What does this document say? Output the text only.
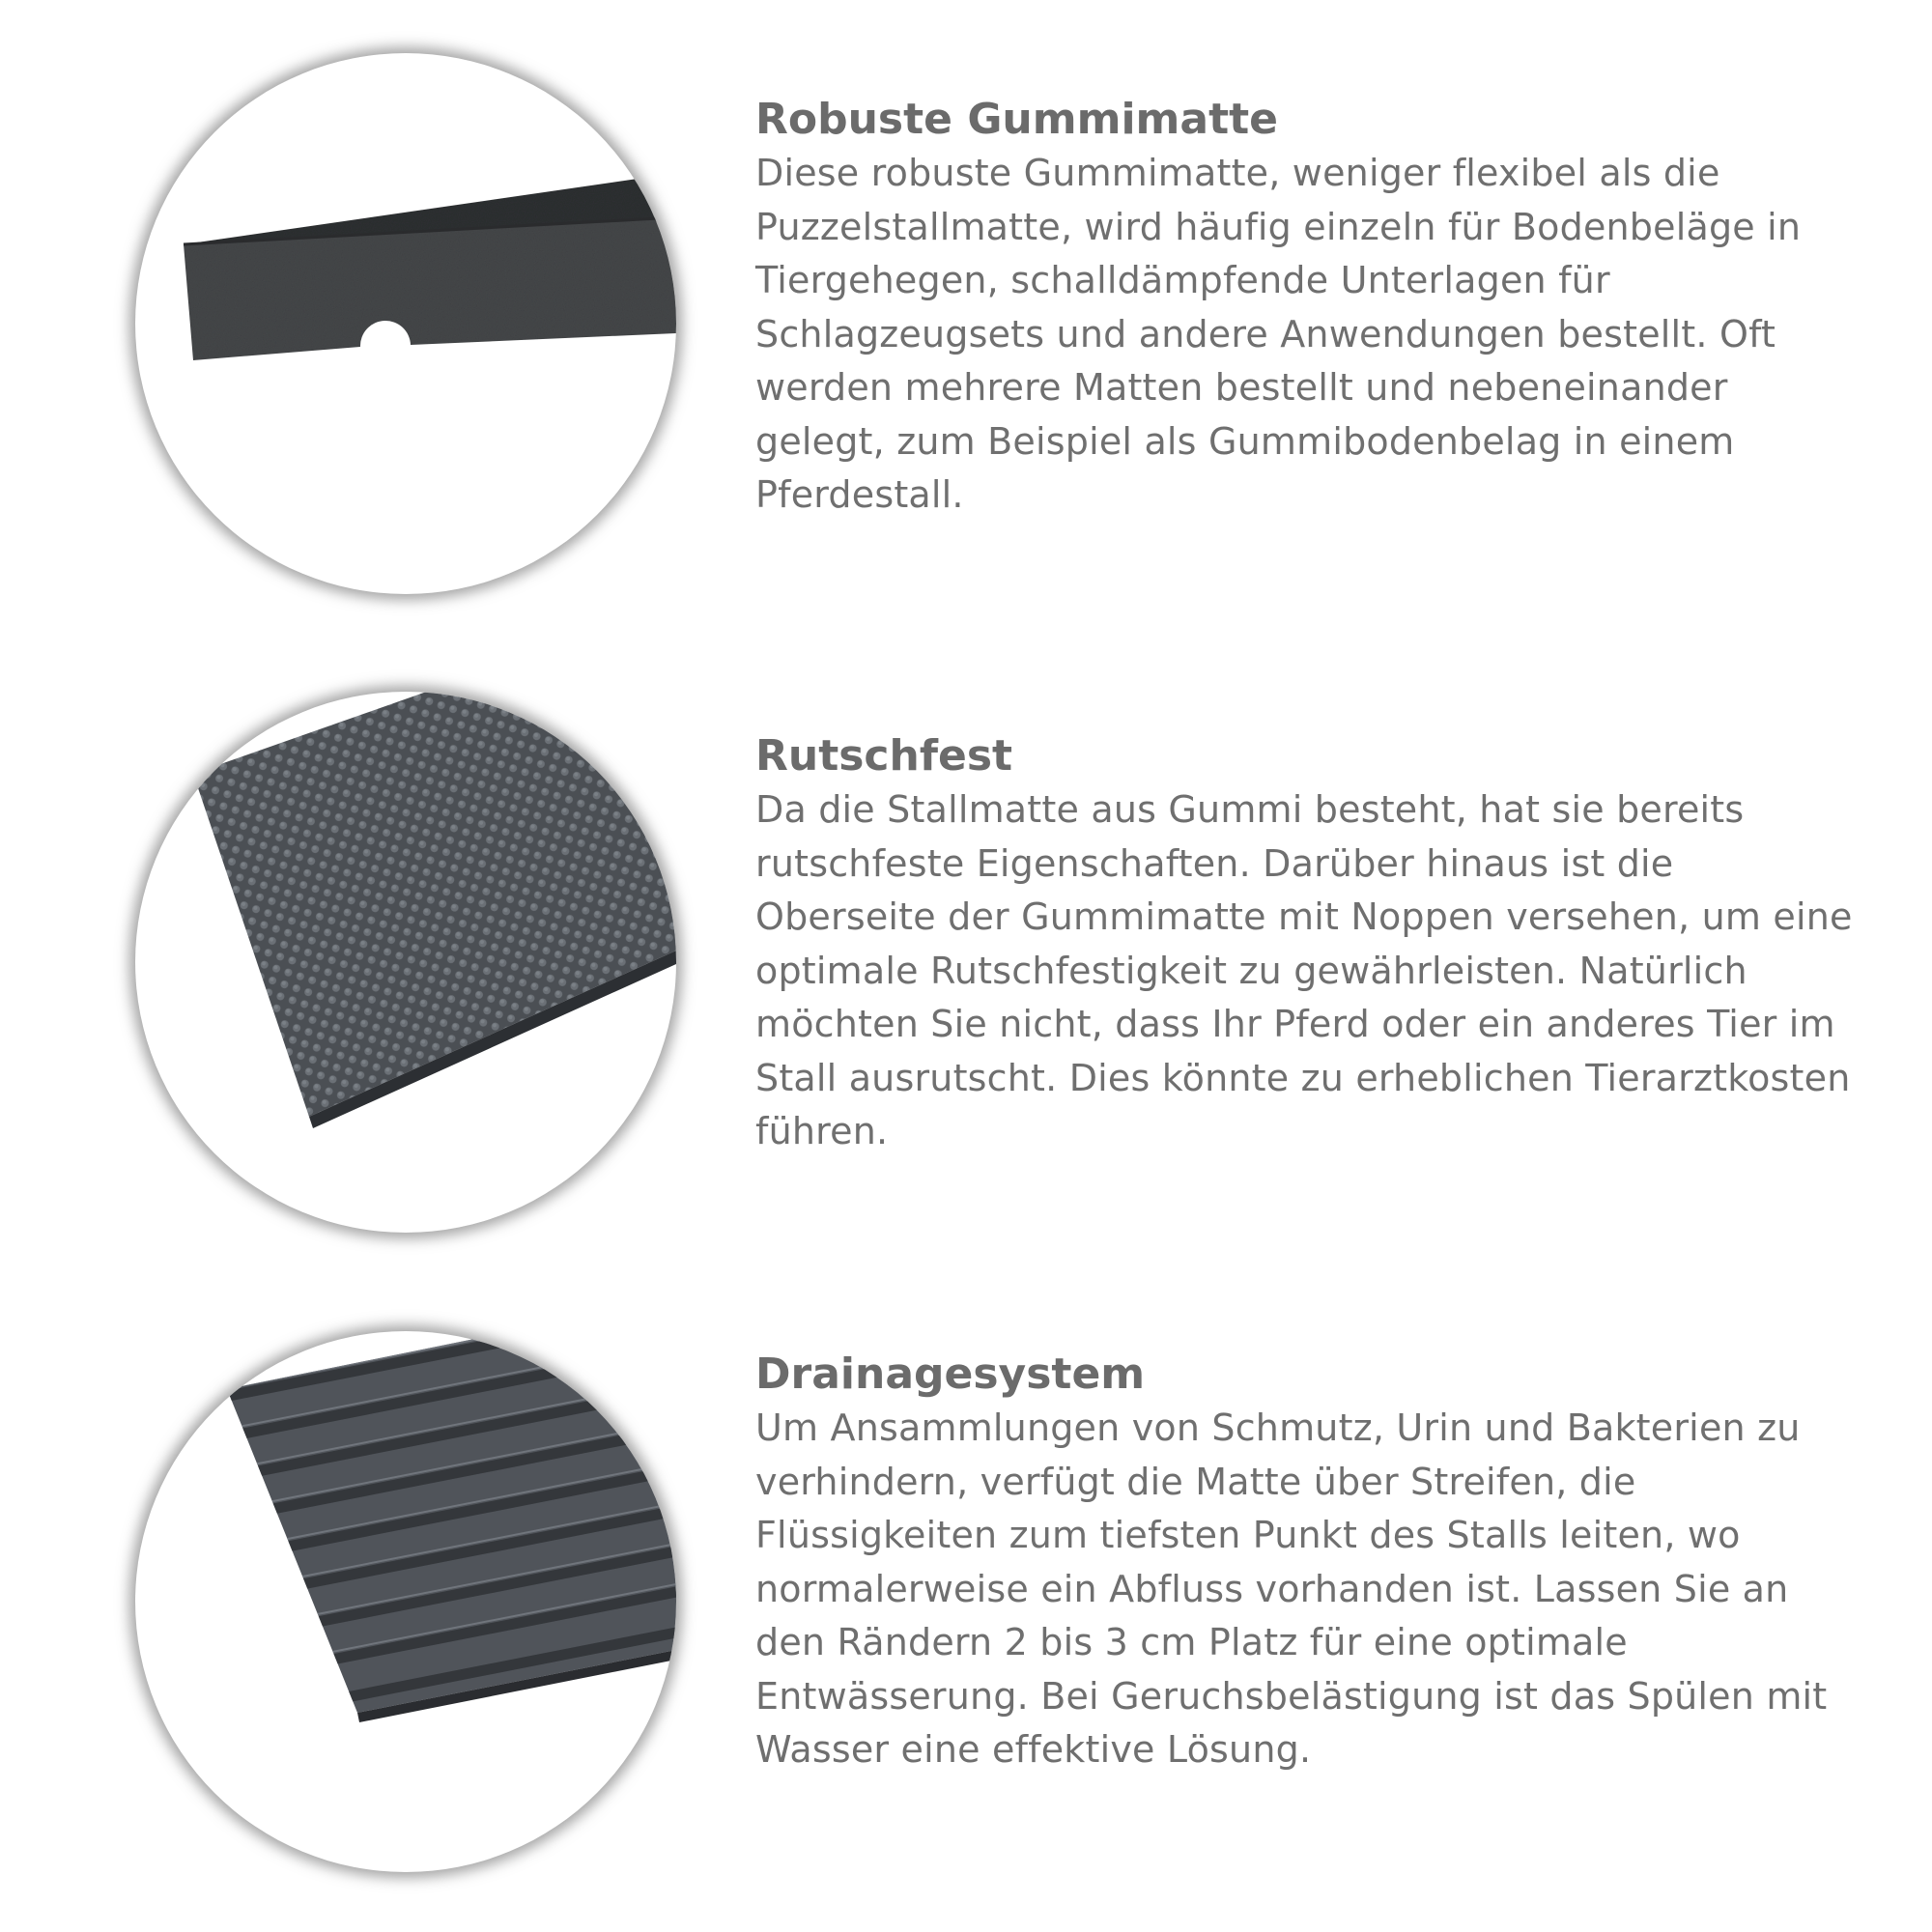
Robuste Gummimatte

Diese robuste Gummimatte, weniger flexibel als die Puzzelstallmatte, wird häufig einzeln für Bodenbeläge in Tiergehegen, schalldämpfende Unterlagen für Schlagzeugsets und andere Anwendungen bestellt. Oft werden mehrere Matten bestellt und nebeneinander gelegt, zum Beispiel als Gummibodenbelag in einem Pferdestall.

Rutschfest

Da die Stallmatte aus Gummi besteht, hat sie bereits rutschfeste Eigenschaften. Darüber hinaus ist die Oberseite der Gummimatte mit Noppen versehen, um eine optimale Rutschfestigkeit zu gewährleisten. Natürlich möchten Sie nicht, dass Ihr Pferd oder ein anderes Tier im Stall ausrutscht. Dies könnte zu erheblichen Tierarztkosten führen.

Drainagesystem

Um Ansammlungen von Schmutz, Urin und Bakterien zu verhindern, verfügt die Matte über Streifen, die Flüssigkeiten zum tiefsten Punkt des Stalls leiten, wo normalerweise ein Abfluss vorhanden ist. Lassen Sie an den Rändern 2 bis 3 cm Platz für eine optimale Entwässerung. Bei Geruchsbelästigung ist das Spülen mit Wasser eine effektive Lösung.
